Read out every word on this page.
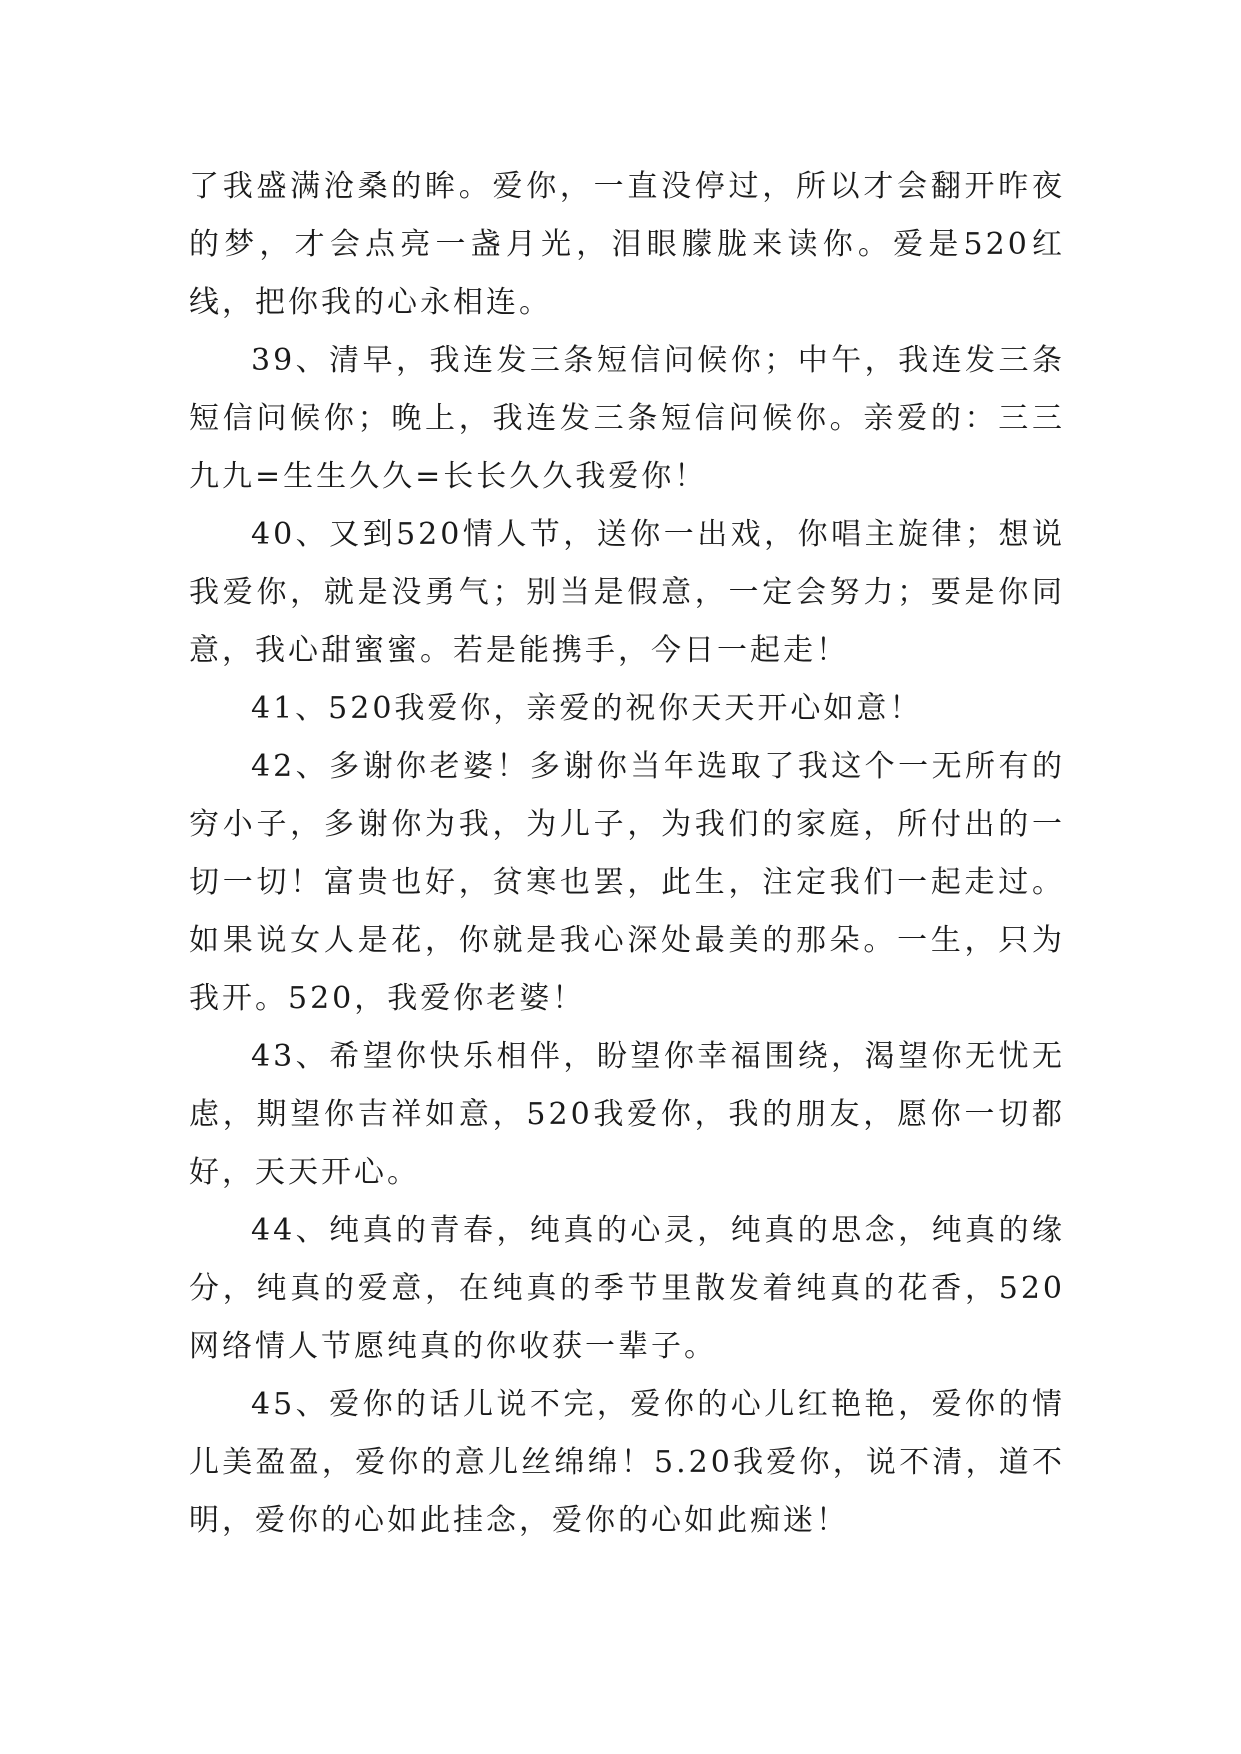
了我盛满沧桑的眸。爱你，一直没停过，所以才会翻开昨夜的梦，才会点亮一盏月光，泪眼朦胧来读你。爱是520红线，把你我的心永相连。

39、清早，我连发三条短信问候你；中午，我连发三条短信问候你；晚上，我连发三条短信问候你。亲爱的：三三九九=生生久久=长长久久我爱你！

40、又到520情人节，送你一出戏，你唱主旋律；想说我爱你，就是没勇气；别当是假意，一定会努力；要是你同意，我心甜蜜蜜。若是能携手，今日一起走！

41、520我爱你，亲爱的祝你天天开心如意！

42、多谢你老婆！多谢你当年选取了我这个一无所有的穷小子，多谢你为我，为儿子，为我们的家庭，所付出的一切一切！富贵也好，贫寒也罢，此生，注定我们一起走过。如果说女人是花，你就是我心深处最美的那朵。一生，只为我开。520，我爱你老婆！

43、希望你快乐相伴，盼望你幸福围绕，渴望你无忧无虑，期望你吉祥如意，520我爱你，我的朋友，愿你一切都好，天天开心。

44、纯真的青春，纯真的心灵，纯真的思念，纯真的缘分，纯真的爱意，在纯真的季节里散发着纯真的花香，520网络情人节愿纯真的你收获一辈子。

45、爱你的话儿说不完，爱你的心儿红艳艳，爱你的情儿美盈盈，爱你的意儿丝绵绵！5.20我爱你，说不清，道不明，爱你的心如此挂念，爱你的心如此痴迷！
